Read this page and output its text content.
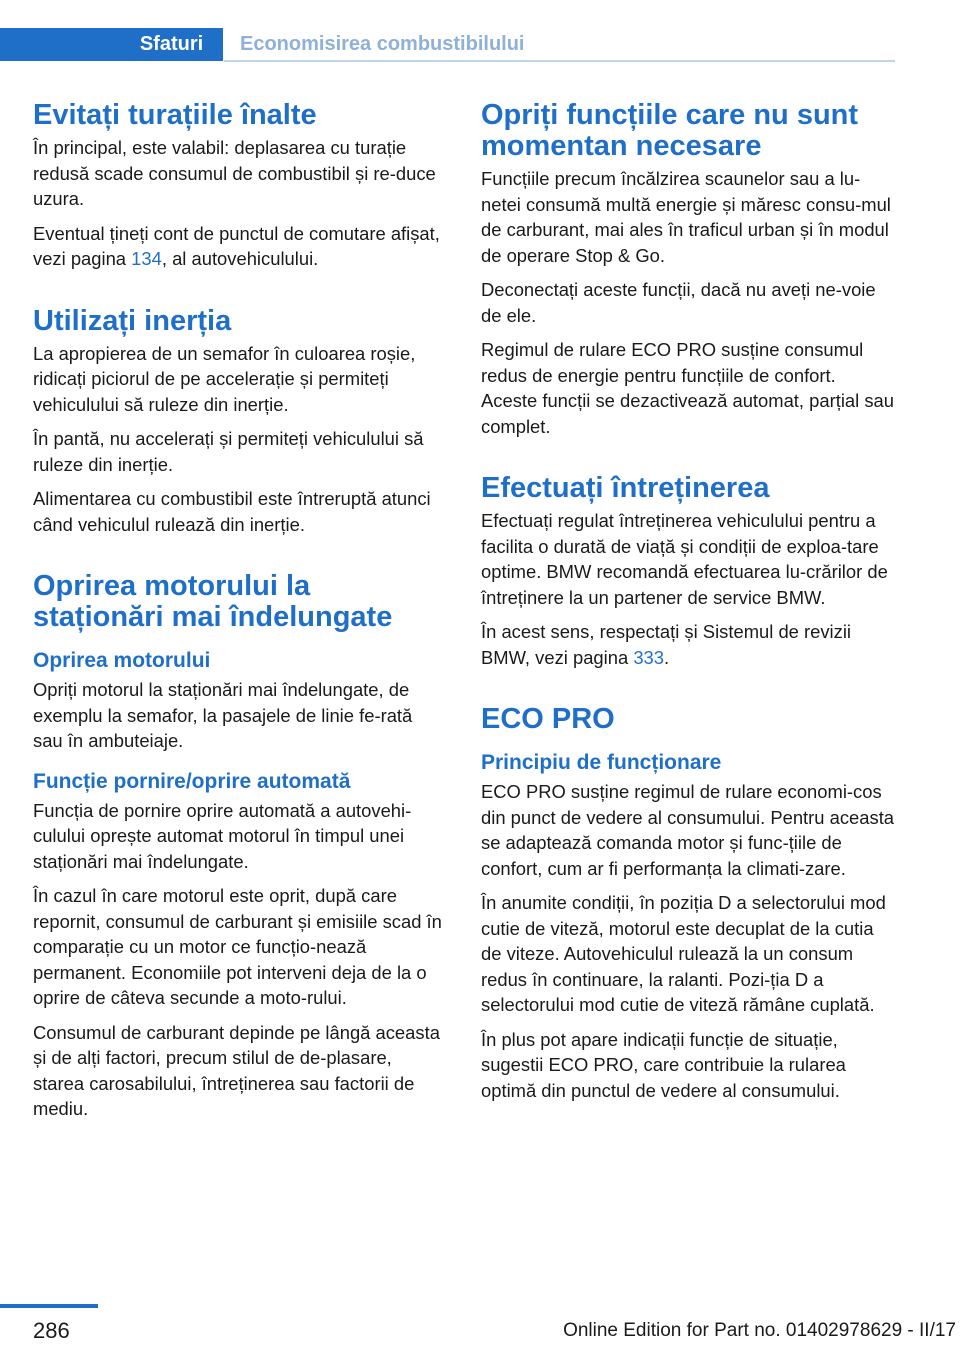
Sfaturi	Economisirea combustibilului
Evitați turațiile înalte

În principal, este valabil: deplasarea cu turație redusă scade consumul de combustibil și re-duce uzura.

Eventual țineți cont de punctul de comutare afișat, vezi pagina 134, al autovehiculului.

Utilizați inerția

La apropierea de un semafor în culoarea roșie, ridicați piciorul de pe accelerație și permiteți vehiculului să ruleze din inerție.

În pantă, nu accelerați și permiteți vehiculului să ruleze din inerție.

Alimentarea cu combustibil este întreruptă atunci când vehiculul rulează din inerție.

Oprirea motorului la staționări mai îndelungate
Oprirea motorului

Opriți motorul la staționări mai îndelungate, de exemplu la semafor, la pasajele de linie fe-rată sau în ambuteiaje.

Funcție pornire/oprire automată

Funcția de pornire oprire automată a autovehi-culului oprește automat motorul în timpul unei staționări mai îndelungate.

În cazul în care motorul este oprit, după care repornit, consumul de carburant și emisiile scad în comparație cu un motor ce funcțio-nează permanent. Economiile pot interveni deja de la o oprire de câteva secunde a moto-rului.

Consumul de carburant depinde pe lângă aceasta și de alți factori, precum stilul de de-plasare, starea carosabilului, întreținerea sau factorii de mediu.

Opriți funcțiile care nu sunt momentan necesare

Funcțiile precum încălzirea scaunelor sau a lu-netei consumă multă energie și măresc consu-mul de carburant, mai ales în traficul urban și în modul de operare Stop & Go.

Deconectați aceste funcții, dacă nu aveți ne-voie de ele.

Regimul de rulare ECO PRO susține consumul redus de energie pentru funcțiile de confort. Aceste funcții se dezactivează automat, parțial sau complet.

Efectuați întreținerea

Efectuați regulat întreținerea vehiculului pentru a facilita o durată de viață și condiții de exploa-tare optime. BMW recomandă efectuarea lu-crărilor de întreținere la un partener de service BMW.

În acest sens, respectați și Sistemul de revizii BMW, vezi pagina 333.

ECO PRO
Principiu de funcționare

ECO PRO susține regimul de rulare economi-cos din punct de vedere al consumului. Pentru aceasta se adaptează comanda motor și func-țiile de confort, cum ar fi performanța la climati-zare.

În anumite condiții, în poziția D a selectorului mod cutie de viteză, motorul este decuplat de la cutia de viteze. Autovehiculul rulează la un consum redus în continuare, la ralanti. Pozi-ția D a selectorului mod cutie de viteză rămâne cuplată.

În plus pot apare indicații funcție de situație, sugestii ECO PRO, care contribuie la rularea optimă din punctul de vedere al consumului.

286	Online Edition for Part no. 01402978629 - II/17
